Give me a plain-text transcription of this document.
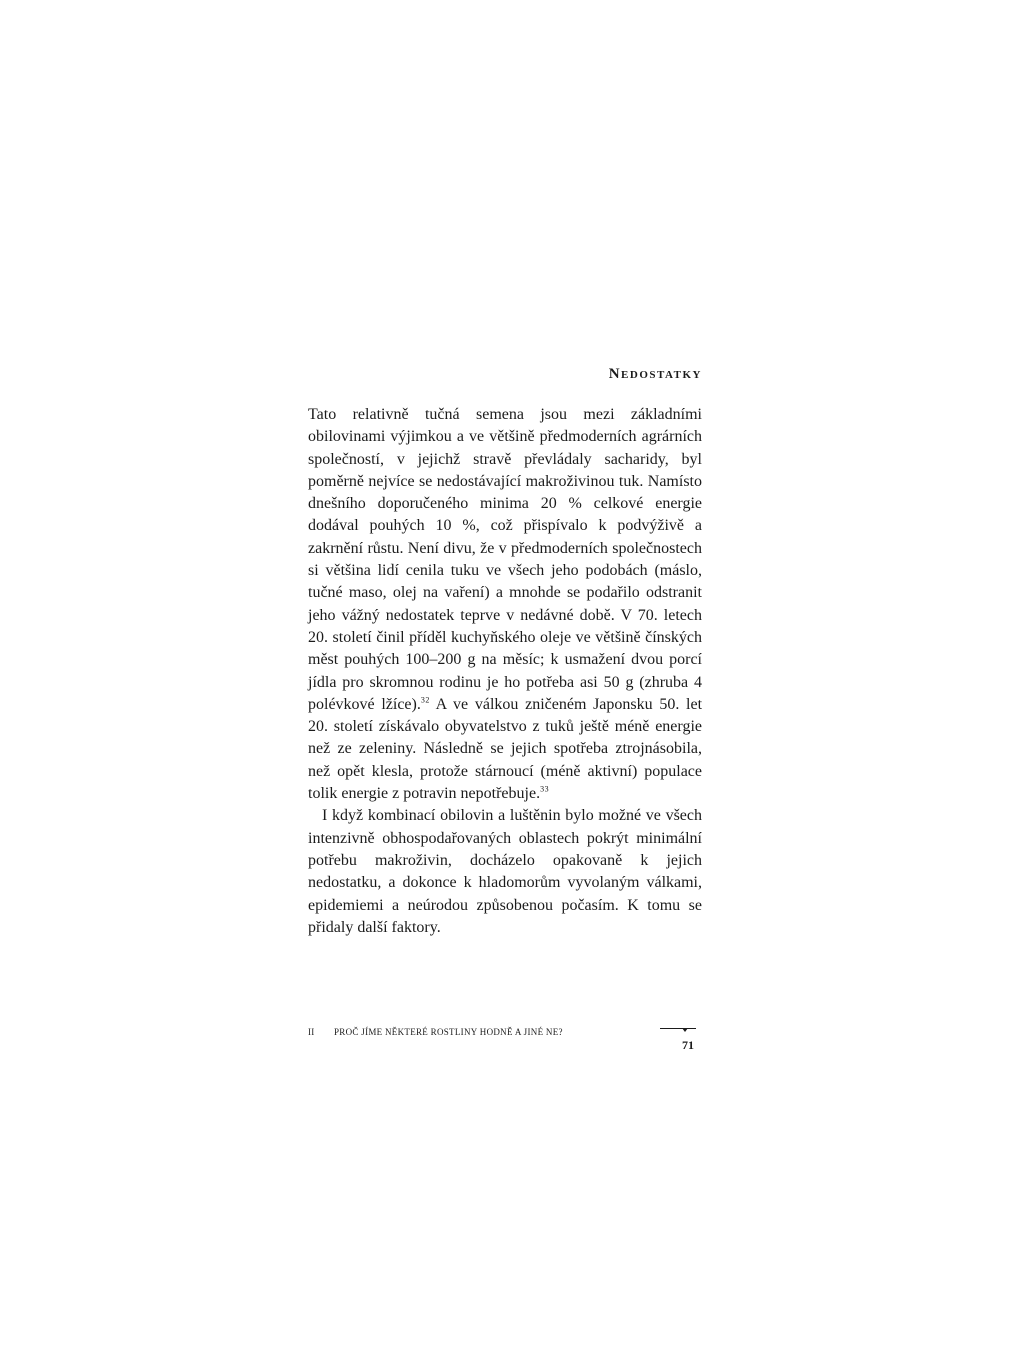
Nedostatky

Tato relativně tučná semena jsou mezi základními obilovinami výjimkou a ve většině předmoderních agrárních společností, v jejichž stravě převládaly sacharidy, byl poměrně nejvíce se nedostávající makroživinou tuk. Namísto dnešního doporučeného minima 20 % celkové energie dodával pouhých 10 %, což přispívalo k podvýživě a zakrnění růstu. Není divu, že v předmoderních společnostech si většina lidí cenila tuku ve všech jeho podobách (máslo, tučné maso, olej na vaření) a mnohde se podařilo odstranit jeho vážný nedostatek teprve v nedávné době. V 70. letech 20. století činil příděl kuchyňského oleje ve většině čínských měst pouhých 100–200 g na měsíc; k usmažení dvou porcí jídla pro skromnou rodinu je ho potřeba asi 50 g (zhruba 4 polévkové lžíce).$^{32}$ A ve válkou zničeném Japonsku 50. let 20. století získávalo obyvatelstvo z tuků ještě méně energie než ze zeleniny. Následně se jejich spotřeba ztrojnásobila, než opět klesla, protože stárnoucí (méně aktivní) populace tolik energie z potravin nepotřebuje.$^{33}$

I když kombinací obilovin a luštěnin bylo možné ve všech intenzivně obhospodařovaných oblastech pokrýt minimální potřebu makroživin, docházelo opakovaně k jejich nedostatku, a dokonce k hladomorům vyvolaným válkami, epidemiemi a neúrodou způsobenou počasím. K tomu se přidaly další faktory.

II PROČ JÍME NĚKTERÉ ROSTLINY HODNĚ A JINÉ NE?
71
